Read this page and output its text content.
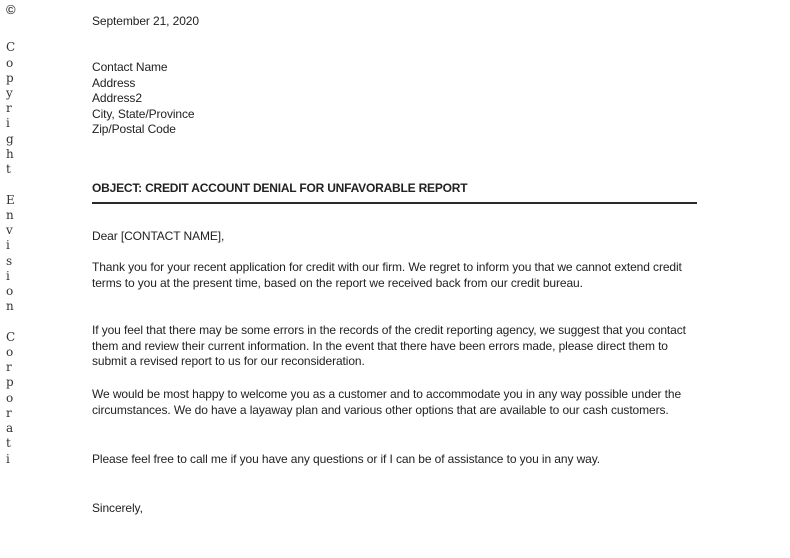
©
C
o
p
y
r
i
g
h
t
E
n
v
i
s
i
o
n
C
o
r
p
o
r
a
t
i
September 21, 2020
Contact Name
Address
Address2
City, State/Province
Zip/Postal Code
OBJECT: CREDIT ACCOUNT DENIAL FOR UNFAVORABLE REPORT
Dear [CONTACT NAME],
Thank you for your recent application for credit with our firm. We regret to inform you that we cannot extend credit terms to you at the present time, based on the report we received back from our credit bureau.
If you feel that there may be some errors in the records of the credit reporting agency, we suggest that you contact them and review their current information. In the event that there have been errors made, please direct them to submit a revised report to us for our reconsideration.
We would be most happy to welcome you as a customer and to accommodate you in any way possible under the circumstances. We do have a layaway plan and various other options that are available to our cash customers.
Please feel free to call me if you have any questions or if I can be of assistance to you in any way.
Sincerely,
